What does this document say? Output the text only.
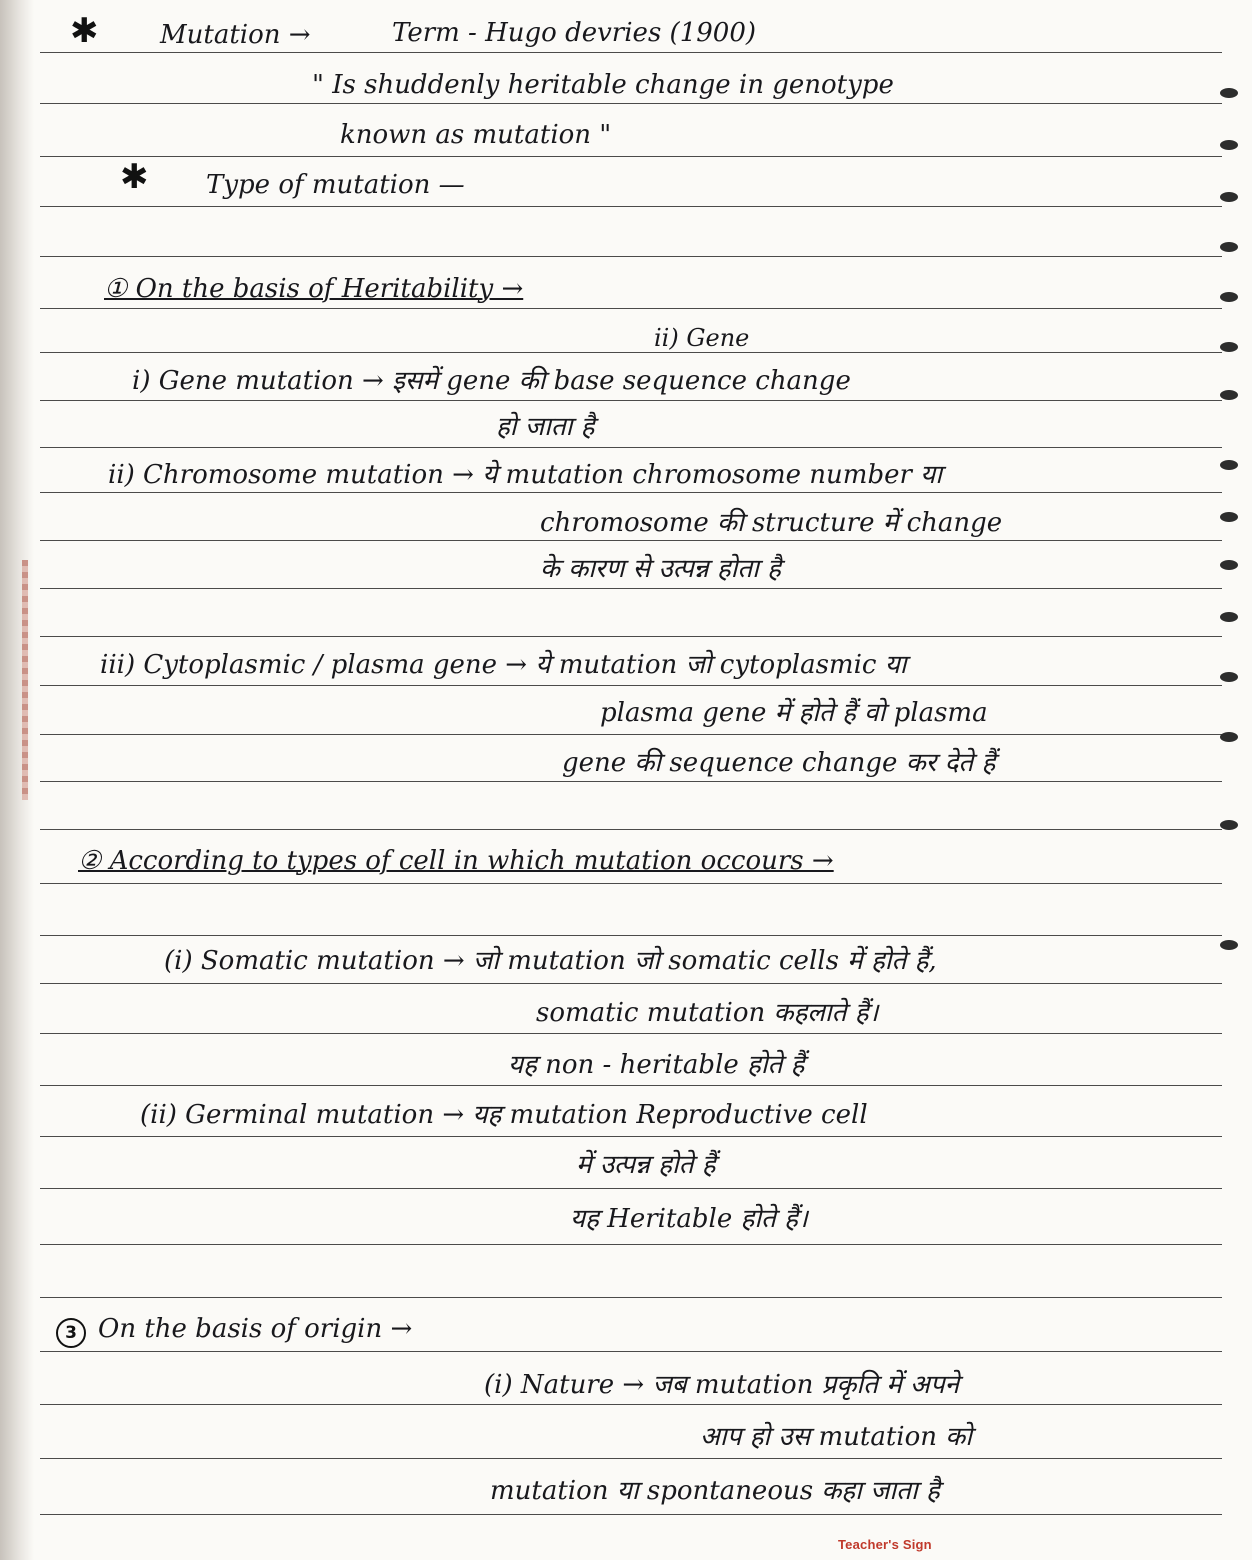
✱ Mutation →	Term - Hugo devries (1900)
" Is shuddenly heritable change in genotype
known as mutation "
✱ Type of mutation —
① On the basis of Heritability →
ii) Gene
i) Gene mutation → इसमें gene की base sequence change
हो जाता है
ii) Chromosome mutation → ये mutation chromosome number या
chromosome की structure में change
के कारण से उत्पन्न होता है
iii) Cytoplasmic / plasma gene → ये mutation जो cytoplasmic या
plasma gene में होते हैं वो plasma
gene की sequence change कर देते हैं
② According to types of cell in which mutation occours →
(i) Somatic mutation → जो mutation जो somatic cells में होते हैं,
somatic mutation कहलाते हैं।
यह non - heritable होते हैं
(ii) Germinal mutation → यह mutation Reproductive cell
में उत्पन्न होते हैं
यह Heritable होते हैं।
3 On the basis of origin →
(i) Nature → जब mutation प्रकृति में अपने
आप हो उस mutation को
mutation या spontaneous कहा जाता है
Teacher's Sign
